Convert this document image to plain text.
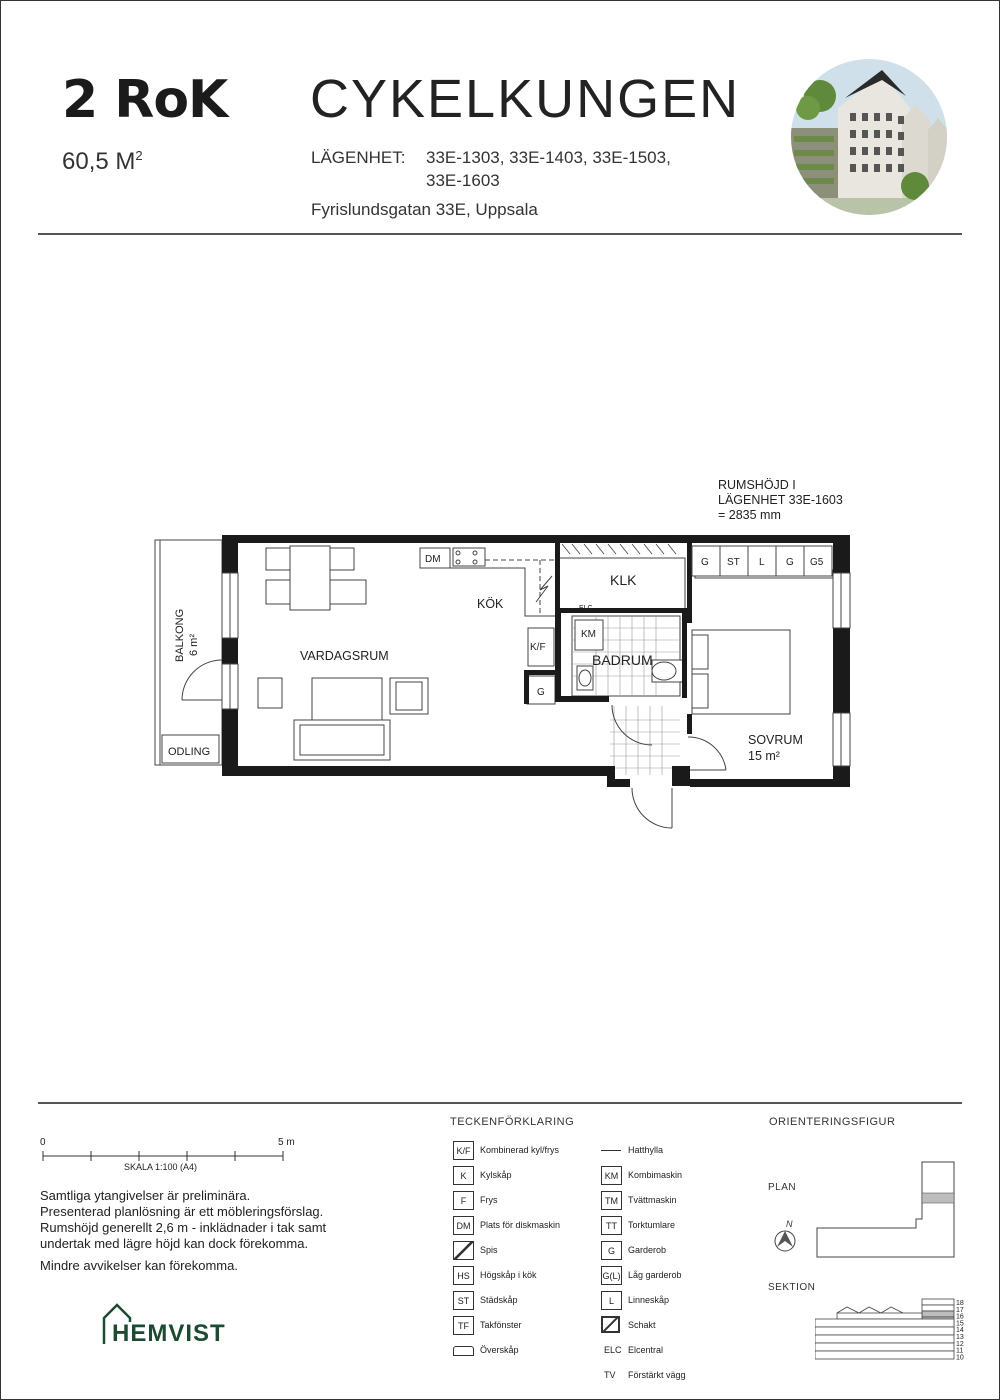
2 RoK
60,5 $M^2$
CYKELKUNGEN
LÄGENHET: 33E-1303, 33E-1403, 33E-1503,
33E-1603
Fyrislundsgatan 33E, Uppsala
RUMSHÖJD I
LÄGENHET 33E-1603
= 2835 mm
VARDAGSRUM
KÖK
KLK
BADRUM
SOVRUM
15 m²
ODLING
DM
K/F
G
KM
ELC
G ST L G G5
BALKONG 6 m²
0	5 m
SKALA 1:100 (A4)
Samtliga ytangivelser är preliminära.
Presenterad planlösning är ett möbleringsförslag.
Rumshöjd generellt 2,6 m - inklädnader i tak samt
undertak med lägre höjd kan dock förekomma.
Mindre avvikelser kan förekomma.
HEMVIST
TECKENFÖRKLARING
K/F	Kombinerad kyl/frys
K	Kylskåp
F	Frys
DM	Plats för diskmaskin
Spis
HS	Högskåp i kök
ST	Städskåp
TF	Takfönster
Överskåp
Hatthylla
KM	Kombimaskin
TM	Tvättmaskin
TT	Torktumlare
G	Garderob
G(L) Låg garderob
L	Linneskåp
Schakt
ELC Elcentral
TV Förstärkt vägg
ORIENTERINGSFIGUR
PLAN
SEKTION
N
18
17
16
15
14
13
12
11
10
